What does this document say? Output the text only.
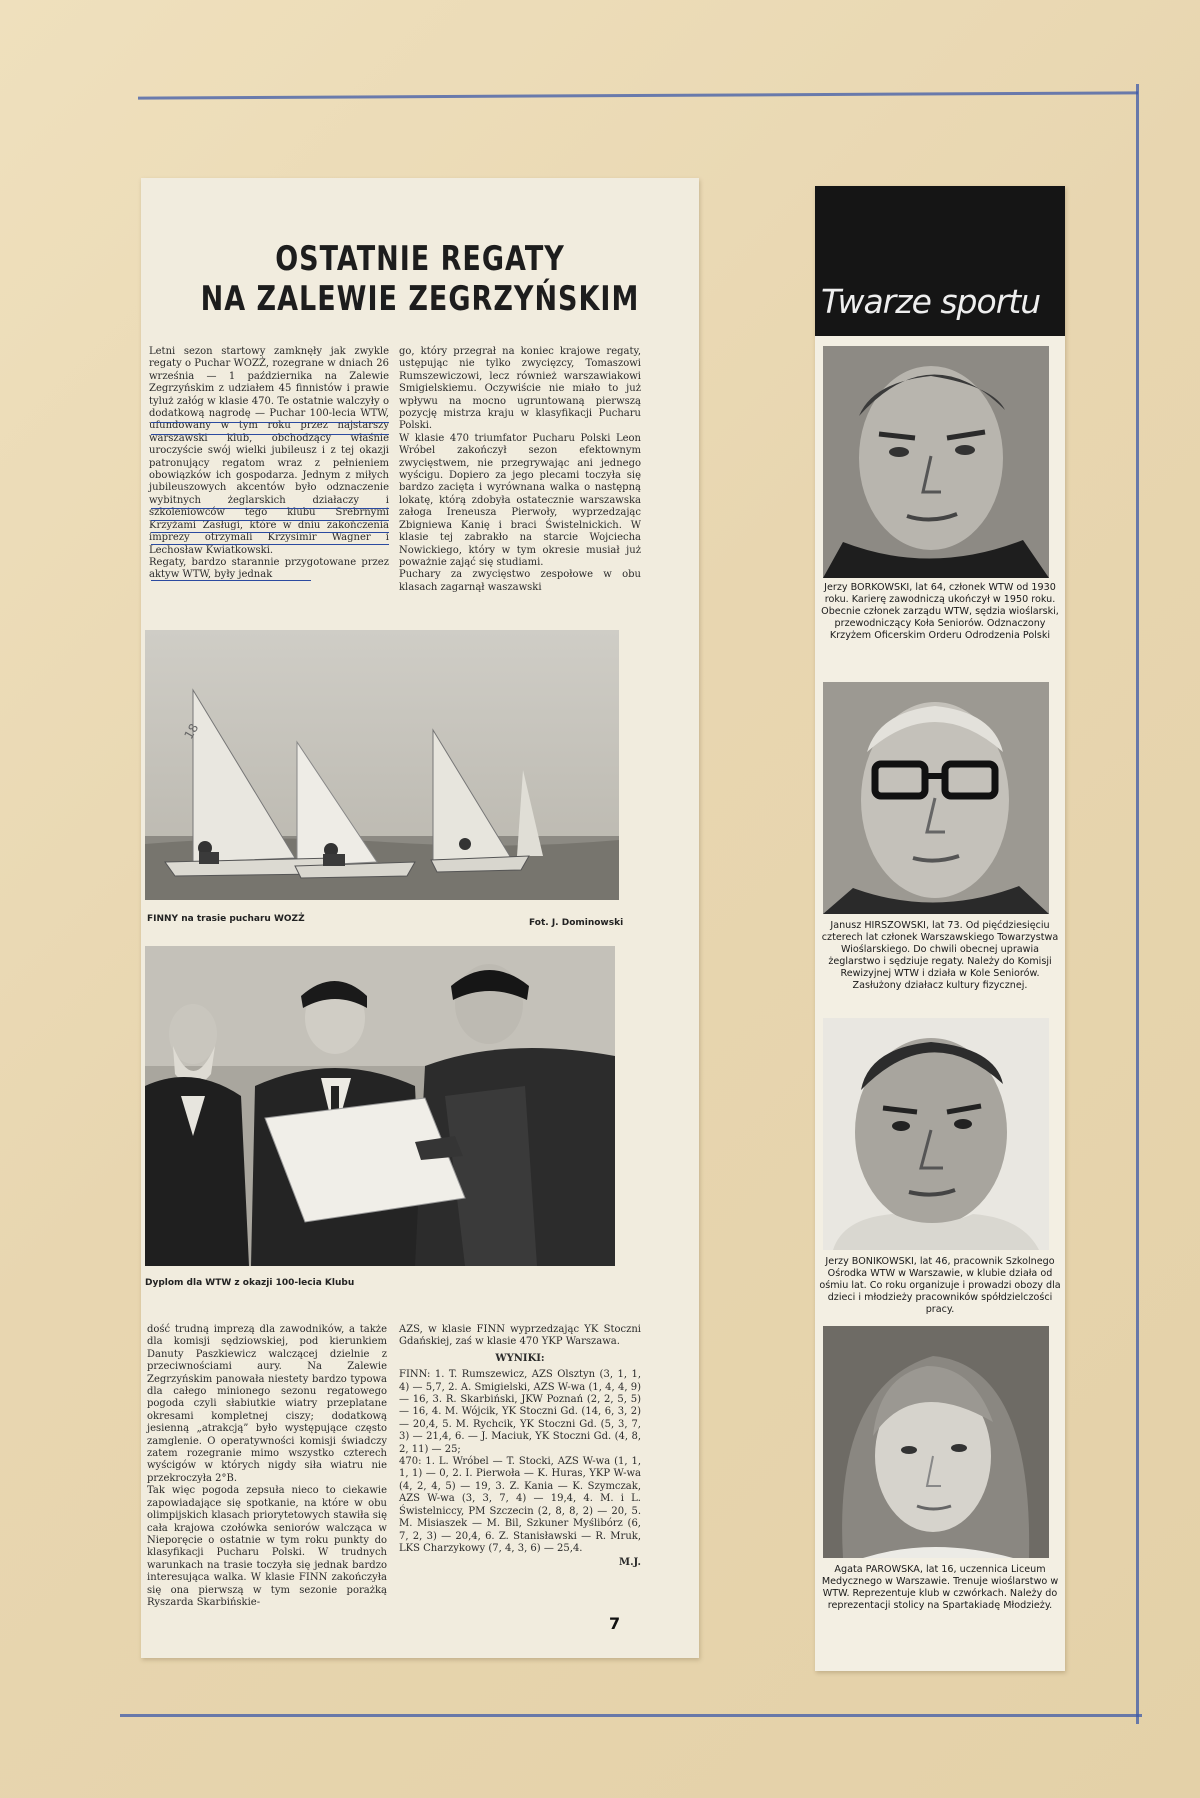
OSTATNIE REGATY
NA ZALEWIE ZEGRZYŃSKIM
Letni sezon startowy zamknęły jak zwykle regaty o Puchar WOZŻ, rozegrane w dniach 26 września — 1 października na Zalewie Zegrzyńskim z udziałem 45 finnistów i prawie tyluż załóg w klasie 470. Te ostatnie walczyły o dodatkową nagrodę — Puchar 100-lecia WTW, ufundowany w tym roku przez najstarszy warszawski klub, obchodzący właśnie uroczyście swój wielki jubileusz i z tej okazji patronujący regatom wraz z pełnieniem obowiązków ich gospodarza. Jednym z miłych jubileuszowych akcentów było odznaczenie wybitnych żeglarskich działaczy i szkoleniowców tego klubu Srebrnymi Krzyżami Zasługi, które w dniu zakończenia imprezy otrzymali Krzysimir Wagner i Lechosław Kwiatkowski.
Regaty, bardzo starannie przygotowane przez aktyw WTW, były jednak
go, który przegrał na koniec krajowe regaty, ustępując nie tylko zwycięzcy, Tomaszowi Rumszewiczowi, lecz również warszawiakowi Smigielskiemu. Oczywiście nie miało to już wpływu na mocno ugruntowaną pierwszą pozycję mistrza kraju w klasyfikacji Pucharu Polski.
W klasie 470 triumfator Pucharu Polski Leon Wróbel zakończył sezon efektownym zwycięstwem, nie przegrywając ani jednego wyścigu. Dopiero za jego plecami toczyła się bardzo zacięta i wyrównana walka o następną lokatę, którą zdobyła ostatecznie warszawska załoga Ireneusza Pierwoły, wyprzedzając Zbigniewa Kanię i braci Świstelnickich. W klasie tej zabrakło na starcie Wojciecha Nowickiego, który w tym okresie musiał już poważnie zająć się studiami.
Puchary za zwycięstwo zespołowe w obu klasach zagarnął waszawski
18
FINNY na trasie pucharu WOZŻ	Fot. J. Dominowski
Dyplom dla WTW z okazji 100-lecia Klubu
dość trudną imprezą dla zawodników, a także dla komisji sędziowskiej, pod kierunkiem Danuty Paszkiewicz walczącej dzielnie z przeciwnościami aury. Na Zalewie Zegrzyńskim panowała niestety bardzo typowa dla całego minionego sezonu regatowego pogoda czyli słabiutkie wiatry przeplatane okresami kompletnej ciszy; dodatkową jesienną „atrakcją” było występujące często zamglenie. O operatywności komisji świadczy zatem rozegranie mimo wszystko czterech wyścigów w których nigdy siła wiatru nie przekroczyła 2°B.
Tak więc pogoda zepsuła nieco to ciekawie zapowiadające się spotkanie, na które w obu olimpijskich klasach priorytetowych stawiła się cała krajowa czołówka seniorów walcząca w Nieporęcie o ostatnie w tym roku punkty do klasyfikacji Pucharu Polski. W trudnych warunkach na trasie toczyła się jednak bardzo interesująca walka. W klasie FINN zakończyła się ona pierwszą w tym sezonie porażką Ryszarda Skarbińskie-
AZS, w klasie FINN wyprzedzając YK Stoczni Gdańskiej, zaś w klasie 470 YKP Warszawa.
WYNIKI:
FINN: 1. T. Rumszewicz, AZS Olsztyn (3, 1, 1, 4) — 5,7, 2. A. Smigielski, AZS W-wa (1, 4, 4, 9) — 16, 3. R. Skarbiński, JKW Poznań (2, 2, 5, 5) — 16, 4. M. Wójcik, YK Stoczni Gd. (14, 6, 3, 2) — 20,4, 5. M. Rychcik, YK Stoczni Gd. (5, 3, 7, 3) — 21,4, 6. — J. Maciuk, YK Stoczni Gd. (4, 8, 2, 11) — 25;
470: 1. L. Wróbel — T. Stocki, AZS W-wa (1, 1, 1, 1) — 0, 2. I. Pierwoła — K. Huras, YKP W-wa (4, 2, 4, 5) — 19, 3. Z. Kania — K. Szymczak, AZS W-wa (3, 3, 7, 4) — 19,4, 4. M. i L. Świstelniccy, PM Szczecin (2, 8, 8, 2) — 20, 5. M. Misiaszek — M. Bil, Szkuner Myślibórz (6, 7, 2, 3) — 20,4, 6. Z. Stanisławski — R. Mruk, LKS Charzykowy (7, 4, 3, 6) — 25,4.
M.J.
7
Twarze sportu
Jerzy BORKOWSKI, lat 64, członek WTW od 1930 roku. Karierę zawodniczą ukończył w 1950 roku. Obecnie członek zarządu WTW, sędzia wioślarski, przewodniczący Koła Seniorów. Odznaczony Krzyżem Oficerskim Orderu Odrodzenia Polski
Janusz HIRSZOWSKI, lat 73. Od pięćdziesięciu czterech lat członek Warszawskiego Towarzystwa Wioślarskiego. Do chwili obecnej uprawia żeglarstwo i sędziuje regaty. Należy do Komisji Rewizyjnej WTW i działa w Kole Seniorów. Zasłużony działacz kultury fizycznej.
Jerzy BONIKOWSKI, lat 46, pracownik Szkolnego Ośrodka WTW w Warszawie, w klubie działa od ośmiu lat. Co roku organizuje i prowadzi obozy dla dzieci i młodzieży pracowników spółdzielczości pracy.
Agata PAROWSKA, lat 16, uczennica Liceum Medycznego w Warszawie. Trenuje wioślarstwo w WTW. Reprezentuje klub w czwórkach. Należy do reprezentacji stolicy na Spartakiadę Młodzieży.
